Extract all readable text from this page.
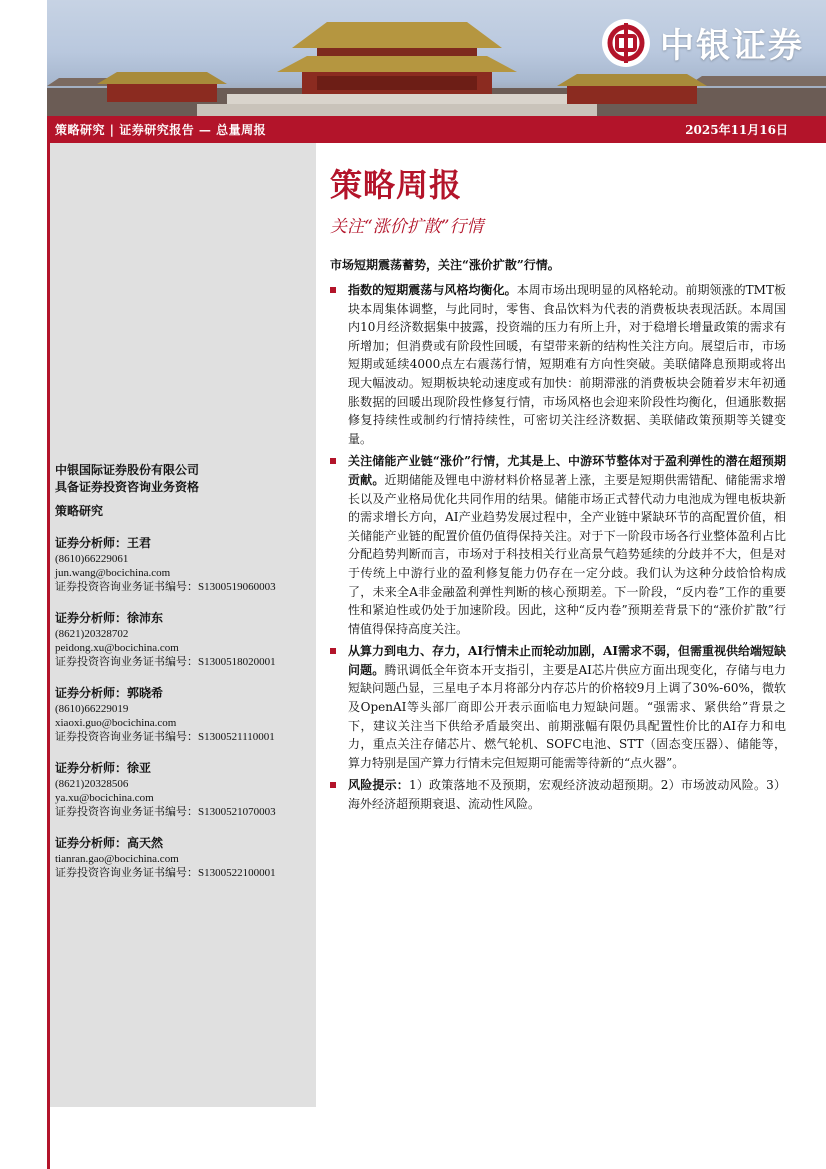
中银证券
策略研究 | 证券研究报告 — 总量周报	2025年11月16日
中银国际证券股份有限公司
具备证券投资咨询业务资格
策略研究
证券分析师：王君
(8610)66229061
jun.wang@bocichina.com
证券投资咨询业务证书编号：S1300519060003
证券分析师：徐沛东
(8621)20328702
peidong.xu@bocichina.com
证券投资咨询业务证书编号：S1300518020001
证券分析师：郭晓希
(8610)66229019
xiaoxi.guo@bocichina.com
证券投资咨询业务证书编号：S1300521110001
证券分析师：徐亚
(8621)20328506
ya.xu@bocichina.com
证券投资咨询业务证书编号：S1300521070003
证券分析师：高天然
tianran.gao@bocichina.com
证券投资咨询业务证书编号：S1300522100001
策略周报
关注“涨价扩散”行情
市场短期震荡蓄势，关注“涨价扩散”行情。
指数的短期震荡与风格均衡化。本周市场出现明显的风格轮动。前期领涨的TMT板块本周集体调整，与此同时，零售、食品饮料为代表的消费板块表现活跃。本周国内10月经济数据集中披露，投资端的压力有所上升，对于稳增长增量政策的需求有所增加；但消费或有阶段性回暖，有望带来新的结构性关注方向。展望后市，市场短期或延续4000点左右震荡行情，短期难有方向性突破。美联储降息预期或将出现大幅波动。短期板块轮动速度或有加快：前期滞涨的消费板块会随着岁末年初通胀数据的回暖出现阶段性修复行情，市场风格也会迎来阶段性均衡化，但通胀数据修复持续性或制约行情持续性，可密切关注经济数据、美联储政策预期等关键变量。
关注储能产业链“涨价”行情，尤其是上、中游环节整体对于盈利弹性的潜在超预期贡献。近期储能及锂电中游材料价格显著上涨，主要是短期供需错配、储能需求增长以及产业格局优化共同作用的结果。储能市场正式替代动力电池成为锂电板块新的需求增长方向，AI产业趋势发展过程中，全产业链中紧缺环节的高配置价值，相关储能产业链的配置价值仍值得保持关注。对于下一阶段市场各行业整体盈利占比分配趋势判断而言，市场对于科技相关行业高景气趋势延续的分歧并不大，但是对于传统上中游行业的盈利修复能力仍存在一定分歧。我们认为这种分歧恰恰构成了，未来全A非金融盈利弹性判断的核心预期差。下一阶段，“反内卷”工作的重要性和紧迫性或仍处于加速阶段。因此，这种“反内卷”预期差背景下的“涨价扩散”行情值得保持高度关注。
从算力到电力、存力，AI行情未止而轮动加剧，AI需求不弱，但需重视供给端短缺问题。腾讯调低全年资本开支指引，主要是AI芯片供应方面出现变化，存储与电力短缺问题凸显，三星电子本月将部分内存芯片的价格较9月上调了30%-60%，微软及OpenAI等头部厂商即公开表示面临电力短缺问题。“强需求、紧供给”背景之下，建议关注当下供给矛盾最突出、前期涨幅有限仍具配置性价比的AI存力和电力，重点关注存储芯片、燃气轮机、SOFC电池、STT（固态变压器）、储能等，算力特别是国产算力行情未完但短期可能需等待新的“点火器”。
风险提示：1）政策落地不及预期，宏观经济波动超预期。2）市场波动风险。3）海外经济超预期衰退、流动性风险。
